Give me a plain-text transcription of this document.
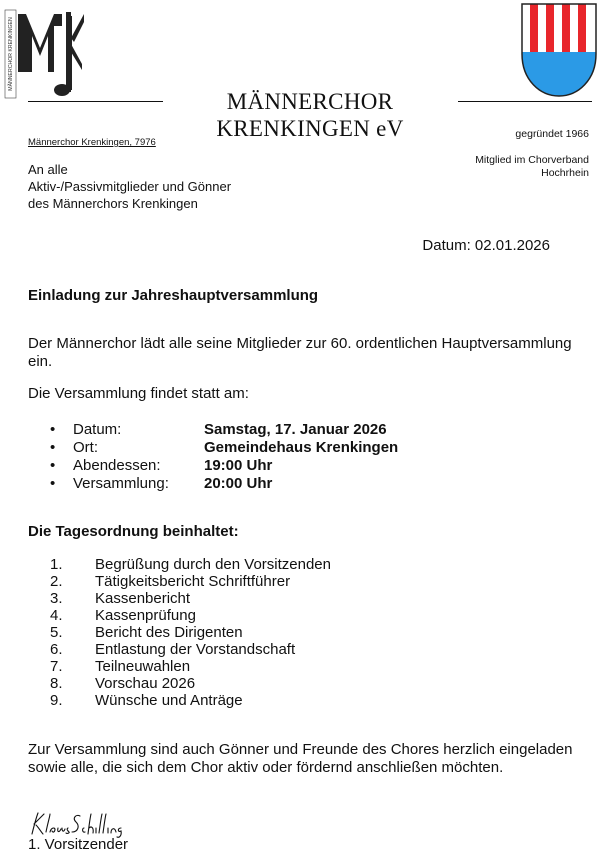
MÄNNERCHOR KRENKINGEN
MÄNNERCHOR
KRENKINGEN eV
Männerchor Krenkingen, 7976
gegründet 1966
Mitglied im Chorverband
Hochrhein
An alle
Aktiv-/Passivmitglieder und Gönner
des Männerchors Krenkingen
Datum: 02.01.2026
Einladung zur Jahreshauptversammlung
Der Männerchor lädt alle seine Mitglieder zur 60. ordentlichen Hauptversammlung ein.
Die Versammlung findet statt am:
•	Datum:	Samstag, 17. Januar 2026
•	Ort:	Gemeindehaus Krenkingen
•	Abendessen:	19:00 Uhr
•	Versammlung:	20:00 Uhr
Die Tagesordnung beinhaltet:
1.	Begrüßung durch den Vorsitzenden
2.	Tätigkeitsbericht Schriftführer
3.	Kassenbericht
4.	Kassenprüfung
5.	Bericht des Dirigenten
6.	Entlastung der Vorstandschaft
7.	Teilneuwahlen
8.	Vorschau 2026
9.	Wünsche und Anträge
Zur Versammlung sind auch Gönner und Freunde des Chores herzlich eingeladen sowie alle, die sich dem Chor aktiv oder fördernd anschließen möchten.
1. Vorsitzender
